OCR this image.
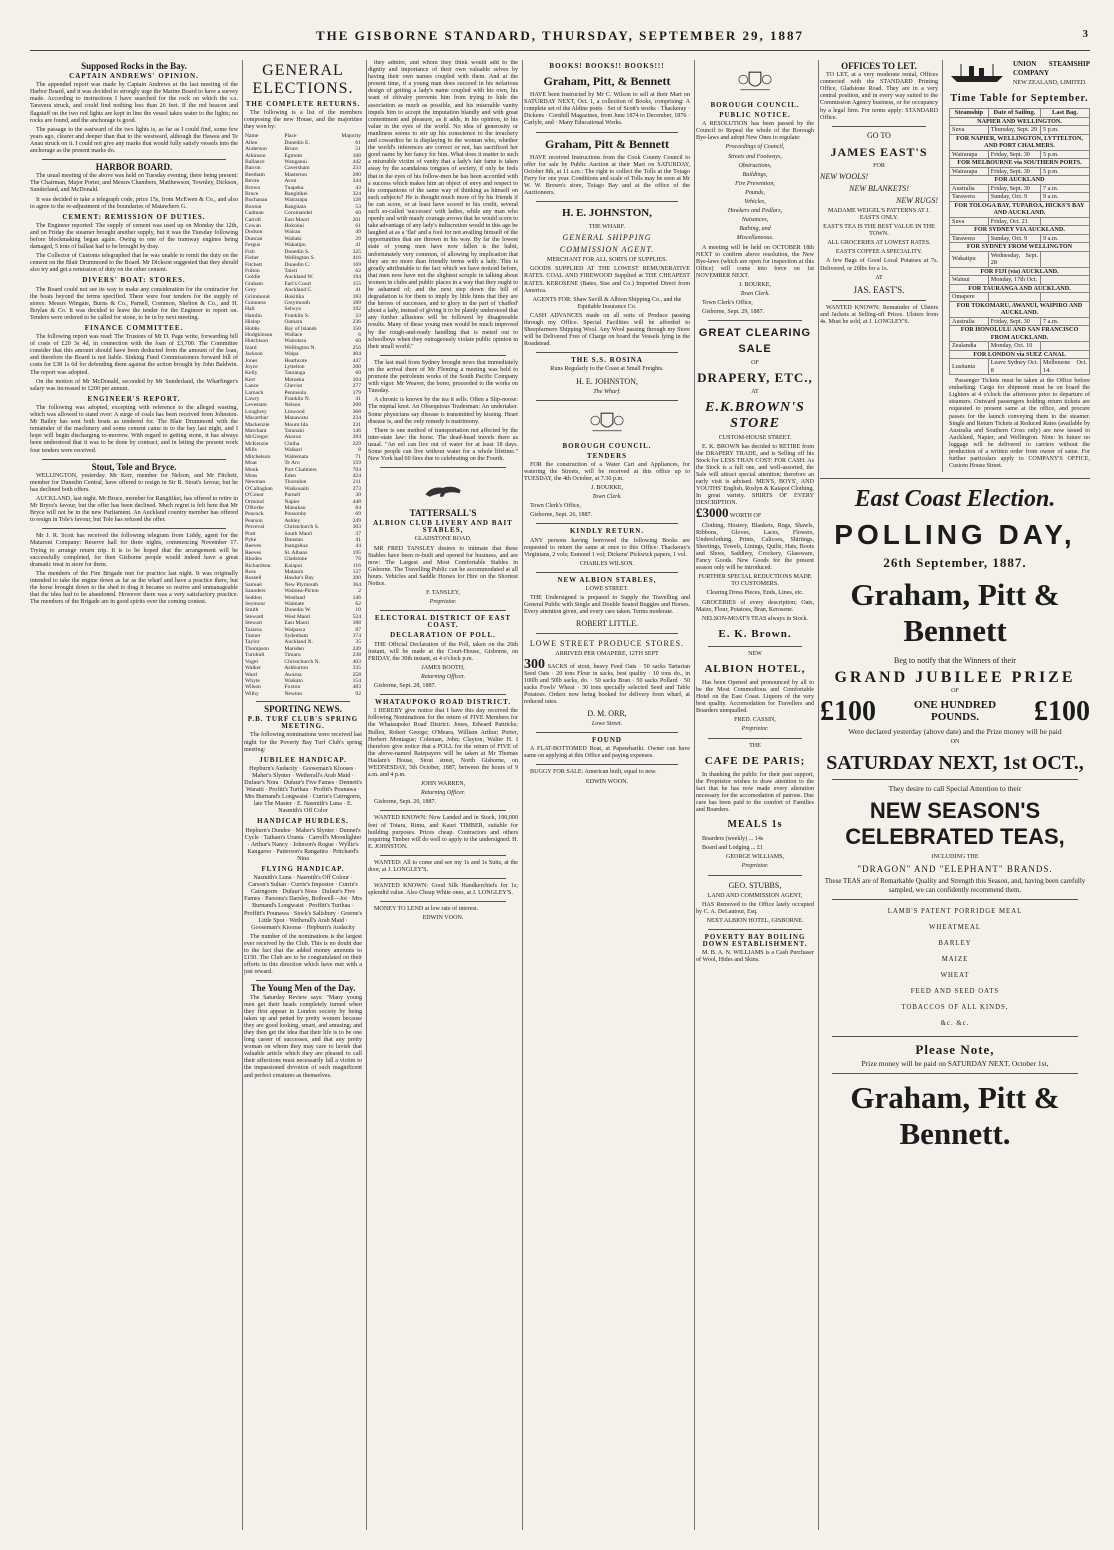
THE GISBORNE STANDARD, THURSDAY, SEPTEMBER 29, 1887	3
Supposed Rocks in the Bay.
CAPTAIN ANDREWS' OPINION.

The appended report was made by Captain Andrews at the last meeting of the Harbor Board, and it was decided to strongly urge the Marine Board to have a survey made. According to instructions I have searched for the rock on which the s.s. Taravera struck, and could find nothing less than 26 feet. If the red beacon and flagstaff on the two red lights are kept in line the vessel takes water to the lights; no rocks are found, and the anchorage is good.

The passage to the eastward of the two lights is, as far as I could find, some few years ago, clearer and deeper than that to the westward, although the Hawea and Te Anau struck on it. I could not give any marks that would fully satisfy vessels into the anchorage as the present marks do.

HARBOR BOARD.

The usual meeting of the above was held on Tuesday evening, there being present: The Chairman, Major Porter, and Messrs Chambers, Matthewson, Townley, Dickson, Sunderland, and McDonald.

It was decided to take a telegraph code, price 15s, from McEwen & Co., and also to agree to the re-adjustment of the boundaries of Matawhero G.

CEMENT: REMISSION OF DUTIES.

The Engineer reported: The supply of cement was used up on Monday the 12th, and on Friday the steamer brought another supply, but it was the Tuesday following before blockmaking began again. Owing to one of the tramway engines being damaged, 5 tons of ballast had to be brought by dray.

The Collector of Customs telegraphed that he was unable to remit the duty on the cement on the Blair Drummond to the Board. Mr Dickson suggested that they should also try and get a remission of duty on the other cement.

DIVERS' BOAT: STORES.

The Board could not see its way to make any consideration for the contractor for the boats beyond the terms specified. There were four tenders for the supply of stores: Messrs Wingate, Burns & Co., Parnell, Common, Shelton & Co., and H. Boylan & Co. It was decided to leave the tender for the Engineer to report on. Tenders were ordered to be called for stone, to be in by next meeting.

FINANCE COMMITTEE.

The following report was read: The Trustees of Mr D. Page write, forwarding bill of costs of £20 3s 4d, in connection with the loan of £3,700. The Committee consider that this amount should have been deducted from the amount of the loan, and therefore the Board is not liable. Sinking Fund Commissioners forward bill of costs for £38 1s 6d for defending them against the action brought by John Baldwin. The report was adopted.

On the motion of Mr McDonald, seconded by Mr Sunderland, the Wharfinger's salary was increased to £200 per annum.

ENGINEER'S REPORT.

The following was adopted, excepting with reference to the alleged wasting, which was allowed to stand over: A surge of coals has been received from Johnston. Mr Bailey has sent both boats as tendered for. The Blair Drummond with the remainder of the machinery and some cement came in to the bay last night, and I hope will begin discharging to-morrow. With regard to getting stone, it has always been understood that it was to be done by contract, and in letting the present work four tenders were received.

Stout, Tole and Bryce.

WELLINGTON, yesterday. Mr Kerr, member for Nelson, and Mr Fitchett, member for Dunedin Central, have offered to resign in Sir R. Stout's favour, but he has declined both offers.

AUCKLAND, last night. Mr Bruce, member for Rangitikei, has offered to retire in Mr Bryce's favour, but the offer has been declined. Much regret is felt here that Mr Bryce will not be in the new Parliament. An Auckland country member has offered to resign in Tole's favour, but Tole has refused the offer.

Mr J. R. Scott has received the following telegram from Liddy, agent for the Mataroni Company: Reserve hall for three nights, commencing November 17. Trying to arrange return trip. It is to be hoped that the arrangement will be successfully completed, for then Gisborne people would indeed have a great dramatic treat in store for them.

The members of the Fire Brigade met for practice last night. It was originally intended to take the engine down as far as the wharf and have a practice there, but the horse brought down to the shed to drag it became so restive and unmanageable that the idea had to be abandoned. However there was a very satisfactory practice. The members of the Brigade are in good spirits over the coming contest.

GENERAL ELECTIONS.
THE COMPLETE RETURNS.

The following is a list of the members composing the new House, and the majorities they won by:

Name	Place	Majority
Allen	Dunedin E.	61
Anderson	Bruce	51
Atkinson	Egmont	108
Ballance	Wanganui	442
Barron	Caversham	233
Beetham	Masterton	280
Bevan	Avon	344
Brown	Tuapeka	43
Bruce	Rangitikei	324
Buchanan	Wairarapa	128
Buxton	Rangitata	53
Cadman	Coromandel	60
Carroll	East Maori	201
Cowan	Hokonui	61
Dodson	Wairau	49
Duncan	Waitaki	29
Fergus	Wakatipu	41
Fish	Dunedin S.	325
Fisher	Wellington S.	416
Fitchett	Dunedin C.	169
Fulton	Taieri	62
Goldie	Auckland W.	194
Graham	Earl's Court	155
Grey	Auckland C.	41
Grimmond	Hokitika	183
Guinness	Greymouth	189
Hall	Selwyn	192
Hamlin	Franklin S.	23
Hislop	Oamaru	236
Hobbs	Bay of Islands	150
Hodgkinson	Wallace	6
Hutchison	Waitotara	60
Izard	Wellington N.	256
Jackson	Waipa	404
Jones	Heathcote	447
Joyce	Lyttelton	200
Kelly	Tauranga	60
Kerr	Motueka	104
Lance	Cheviot	277
Larnach	Peninsula	179
Lawry	Franklin N.	41
Levestam	Nelson	208
Loughrey	Linwood	368
Macarthur	Manawatu	234
Mackenzie	Mount Ida	231
Marchant	Taranaki	146
McGregor	Akaroa	284
McKenzie	Clutha	229
Mills	Waikari	8
Mitchelson	Waitemata	71
Moat	Te Aro	159
Monk	Port Chalmers	704
Moss	Eden	424
Newman	Thorndon	211
O'Callaghan	Waikouaiti	273
O'Conor	Parnell	30
Ormond	Napier	448
O'Rorke	Manukau	84
Peacock	Ponsonby	69
Pearson	Ashley	249
Perceval	Christchurch S.	303
Pratt	South Maori	37
Pyke	Dunstan	41
Reeves	Inangahua	44
Reeves	St. Albans	195
Rhodes	Gladstone	76
Richardson	Kaiapoi	116
Ross	Mataura	127
Russell	Hawke's Bay	390
Samuel	New Plymouth	364
Saunders	Waimea-Picton	2
Seddon	Westland	146
Seymour	Waimate	62
Smith	Dunedin W.	10
Steward	West Maori	524
Stewart	East Maori	188
Taiaroa	Waipawa	87
Tanner	Sydenham	374
Taylor	Auckland N.	35
Thompson	Marsden	249
Turnbull	Timaru	238
Vogel	Christchurch N.	403
Walker	Ashburton	335
Ward	Awarua	258
Whyte	Waikato	154
Wilson	Foxton	483
Withy	Newton	92
SPORTING NEWS.
P.B. TURF CLUB'S SPRING MEETING.

The following nominations were received last night for the Poverty Bay Turf Club's spring meeting:

JUBILEE HANDICAP.

Hepburn's Audacity · Gooseman's Klooses · Maher's Slynter · Wetherall's Arab Maid · Dufaur's Nora · Dufaur's Five Fames · Dennett's Waraiti · Profitt's Turihau · Profitt's Pounawa · Mrs Burnand's Longwaist · Currie's Cairngorm, late The Master · E. Nasmith's Luna · E. Nasmith's Off Color

HANDICAP HURDLES.

Hepburn's Dundee · Maher's Slynter · Dunnet's Cycle · Tatham's Urania · Carroll's Moonlighter · Arthur's Nancy · Johnson's Rogue · Wyllie's Kangaroo · Patterson's Rangatira · Pritchard's Nina

FLYING HANDICAP.

Nasmith's Luna · Nasmith's Off Colour · Carson's Sultan · Currie's Impostor · Currie's Cairngorm · Dufaur's Nora · Dufaur's Five Fames · Parsons's Darnley, Bothwell—Jot · Mrs Burnand's Longwaist · Proffitt's Turihau · Proffitt's Pounawa · Stock's Salisbury · Greene's Little Spot · Wetherall's Arab Maid · Gooseman's Kiooras · Hepburn's Audacity

The number of the nominations is the largest ever received by the Club. This is no doubt due to the fact that the added money amounts to £150. The Club are to be congratulated on their efforts in this direction which have met with a just reward.

The Young Men of the Day.

The Saturday Review says: "Many young men get their heads completely turned when they first appear in London society by being taken up and petted by pretty women because they are good looking, smart, and amusing; and they then get the idea that their life is to be one long career of successes, and that any pretty woman on whom they may care to lavish that valuable article which they are pleased to call their affections must necessarily fall a victim to the impassioned devotion of such magnificent and perfect creatures as themselves.

they admire, and whom they think would add to the dignity and importance of their own valuable selves by having their own names coupled with them. And at the present time, if a young man does succeed in his nefarious design of getting a lady's name coupled with his own, his want of chivalry prevents him from trying to hide the association as much as possible, and his miserable vanity impels him to accept the imputation blandly and with great contentment and pleasure, as it adds, in his opinion, to his value in the eyes of the world. No idea of generosity or manliness seems to stir up his conscience to the treachery and cowardice he is displaying to the woman who, whether the world's inferences are correct or not, has sacrificed her good name by her fancy for him. What does it matter to such a miserable victim of vanity that a lady's fair fame is taken away by the scandalous tongues of society, if only he feels that in the eyes of his follow-men he has been accorded with a success which makes him an object of envy and respect to his companions of the same way of thinking as himself on such subjects? He is thought much more of by his friends if he can score, or at least have scored to his credit, several such so-called 'successes' with ladies, while any man who openly and with manly courage avows that he would scorn to take advantage of any lady's indiscretion would in this age be laughed at as a 'flat' and a fool for not availing himself of the opportunities that are thrown in his way. By far the lowest state of young men have now fallen is the habit, unfortunately very common, of allowing by implication that they are no more than friendly terms with a lady. This is greatly attributable to the fact which we have noticed before, that men now have not the slightest scruple in talking about women in clubs and public places in a way that they ought to be ashamed of; and the next step down the hill of degradation is for them to imply by little hints that they are the heroes of successes, and to glory in the part of 'chaffed' about a lady, instead of giving it to be plainly understood that any further allusions will be followed by disagreeable results. Many of these young men would be much improved by the rough-and-ready handling that is meted out to schoolboys when they outrageously violate public opinion in their small world."

The last mail from Sydney brought news that immediately on the arrival there of Mr Fleming a meeting was held to promote the petroleum works of the South Pacific Company with vigor. Mr Weaver, the borer, proceeded to the works on Tuesday.

A chronic is known by the tea it sells. Often a Slip-noose: The nuptial knot. An Obsequious Tradesman: An undertaker. Some physicians say disease is transmitted by kissing. Heart disease is, and the only remedy is matrimony.

There is one method of transportation not affected by the inter-state law: the horse. The dead-head travels there as usual. "An eel can live out of water for at least 18 days. Some people can live without water for a whole lifetime." New York had 60 fires due to celebrating on the Fourth.

TATTERSALL'S
ALBION CLUB LIVERY AND BAIT STABLES,

GLADSTONE ROAD.

MR FRED TANSLEY desires to intimate that these Stables have been re-built and opened for business, and are now: The Largest and Most Comfortable Stables in Gisborne. The Travelling Public can be accommodated at all hours. Vehicles and Saddle Horses for Hire on the Shortest Notice.

F. TANSLEY,

Proprietor.

ELECTORAL DISTRICT OF EAST COAST.
DECLARATION OF POLL.

THE Official Declaration of the Poll, taken on the 26th instant, will be made at the Court-House, Gisborne, on FRIDAY, the 30th instant, at 4 o'clock p.m.

JAMES BOOTH,

Returning Officer.

Gisborne, Sept. 28, 1887.

WHATAUPOKO ROAD DISTRICT.

I HEREBY give notice that I have this day received the following Nominations for the return of FIVE Members for the Whataupoko Road District: Jones, Edward Pattricks; Bullen, Robert George; O'Meara, William Arthur; Porter, Herbert Montague; Coleman, John; Clayton, Walter H. I therefore give notice that a POLL for the return of FIVE of the above-named Ratepayers will be taken at Mr Thomas Haslam's House, Stout street, North Gisborne, on WEDNESDAY, 5th October, 1887, between the hours of 9 a.m. and 4 p.m.

JOHN WARREN,

Returning Officer.

Gisborne, Sept. 20, 1887.

WANTED KNOWN: Now Landed and in Stock, 100,000 feet of Totara, Rimu, and Kauri TIMBER, suitable for building purposes. Prices cheap. Contractors and others requiring Timber will do well to apply to the undersigned. H. E. JOHNSTON.

WANTED: All to come and see my 1s and 1s Suits, at the door, at J. LONGLEY'S.

WANTED KNOWN: Good Silk Handkerchiefs for 1s; splendid value. Also Cheap White ones, at J. LONGLEY'S.

MONEY TO LEND at low rate of interest.

EDWIN VOON.

BOOKS! BOOKS!! BOOKS!!!
Graham, Pitt, & Bennett

HAVE been Instructed by Mr C. Wilson to sell at their Mart on SATURDAY NEXT, Oct. 1, a collection of Books, comprising: A complete set of the Aldine poets · Set of Scott's works · Thackeray · Dickens · Cornhill Magazines, from June 1874 to December, 1876 · Carlyle, and · Many Educational Works.

Graham, Pitt & Bennett

HAVE received Instructions from the Cook County Council to offer for sale by Public Auction at their Mart on SATURDAY, October 8th, at 11 a.m.: The right to collect the Tolls at the Toiago Ferry for one year. Conditions and scale of Tolls may be seen at Mr W. W. Brown's store, Toiago Bay and at the office of the Auctioneers.

H. E. JOHNSTON,

THE WHARF.

GENERAL SHIPPING

COMMISSION AGENT.

MERCHANT FOR ALL SORTS OF SUPPLIES.

GOODS SUPPLIED AT THE LOWEST REMUNERATIVE RATES. COAL AND FIREWOOD Supplied at THE CHEAPEST RATES. KEROSENE (Bates, Sise and Co.) Imported Direct from America.

AGENTS FOR: Shaw Savill & Albion Shipping Co., and the Equitable Insurance Co.

CASH ADVANCES made on all sorts of Produce passing through my Office. Special Facilities will be afforded to Sheepfarmers Shipping Wool. Any Wool passing through my Store will be Delivered Free of Charge on board the Vessels lying in the Roadstead.

THE S.S. ROSINA

Runs Regularly to the Coast at Small Freights.

H. E. JOHNSTON,

The Wharf.

BOROUGH COUNCIL.
TENDERS

FOR the construction of a Water Cart and Appliances, for watering the Streets, will be received at this office up to TUESDAY, the 4th October, at 7.30 p.m.

J. BOURKE,

Town Clerk.

Town Clerk's Office,

Gisborne, Sept. 26, 1887.

KINDLY RETURN.

ANY persons having borrowed the following Books are requested to return the same at once to this Office: Thackeray's Virginians, 2 vols; Esmond 1 vol; Dickens' Pickwick papers, 1 vol.

CHARLES WILSON.

NEW ALBION STABLES,

LOWE STREET.

THE Undersigned is prepared to Supply the Travelling and General Public with Single and Double Seated Buggies and Horses. Every attention given, and every care taken. Terms moderate.

ROBERT LITTLE.

LOWE STREET PRODUCE STORES.

ARRIVED PER OMAPERE, 12TH SEPT

300 SACKS of stout, heavy Feed Oats · 50 sacks Tartarian Seed Oats · 20 tons Flour in sacks, best quality · 10 tons do., in 100lb and 50lb sacks, do. · 50 sacks Bran · 50 sacks Pollard · 50 sacks Fowls' Wheat · 30 tons specially selected Seed and Table Potatoes. Orders now being booked for delivery from wharf, at reduced rates.

D. M. ORR,

Lowe Street.

FOUND

A FLAT-BOTTOMED Boat, at Papawhariki. Owner can have same on applying at this Office and paying expenses.

BUGGY FOR SALE: American built, equal to new.

EDWIN WOON.

BOROUGH COUNCIL.
PUBLIC NOTICE.

A RESOLUTION has been passed by the Council to Repeal the whole of the Borough Bye-laws and adopt New Ones to regulate:

Proceedings of Council,

Streets and Footways,

Obstructions,

Buildings,

Fire Prevention,

Pounds,

Vehicles,

Hawkers and Pedlars,

Nuisances,

Bathing, and

Miscellaneous.

A meeting will be held on OCTOBER 18th NEXT to confirm above resolution, the New Bye-laws (which are open for inspection at this Office) will come into force on 1st NOVEMBER NEXT.

J. BOURKE,

Town Clerk.

Town Clerk's Office,

Gisborne, Sept. 29, 1887.

GREAT CLEARING SALE

OF

DRAPERY, ETC.,

AT

E.K.BROWN'S STORE

CUSTOM-HOUSE STREET.

E. K. BROWN has decided to RETIRE from the DRAPERY TRADE, and is Selling off his Stock for LESS THAN COST: FOR CASH. As the Stock is a full one, and well-assorted, the Sale will attract special attention; therefore an early visit is advised. MEN'S, BOYS', AND YOUTHS' English, Roslyn & Kaiapoi Clothing, In great variety. SHIRTS OF EVERY DESCRIPTION.

£3000 WORTH OF

Clothing, Hosiery, Blankets, Rugs, Shawls, Ribbons, Gloves, Laces, Flowers, Underclothing, Prints, Calicoes, Shirtings, Sheetings, Towels, Linings, Quilts, Hats, Boots and Shoes, Saddlery, Crockery, Glassware, Fancy Goods. New Goods for the present season only will be introduced.

FURTHER SPECIAL REDUCTIONS MADE TO CUSTOMERS.

Clearing Dress Pieces, Ends, Lines, etc.

GROCERIES of every description; Oats, Maize, Flour, Potatoes, Bran, Kerosene.

NELSON-MOAT'S TEAS always in Stock.

E. K. Brown.

NEW

ALBION HOTEL,

Has been Opened and pronounced by all to be the Most Commodious and Comfortable Hotel on the East Coast. Liquors of the very best quality. Accomodation for Travellers and Boarders unequalled.

FRED. CASSIN,

Proprietor.

THE

CAFE DE PARIS;

In thanking the public for their past support, the Proprietor wishes to draw attention to the fact that he has now made every alteration necessary for the accomodation of patrons. Due care has been paid to the comfort of Families and Boarders.

MEALS 1s

Boarders (weekly) ... 14s

Board and Lodging ... £1

GEORGE WILLIAMS,

Proprietor.

GEO. STUBBS,

LAND AND COMMISSION AGENT,

HAS Removed to the Office lately occupied by C. A. DeLautour, Esq.

NEXT ALBION HOTEL, GISBORNE.

POVERTY BAY BOILING DOWN ESTABLISHMENT.

M. B. A. N. WILLIAMS is a Cash Purchaser of Wool, Hides and Skins.

OFFICES TO LET.

TO LET, at a very moderate rental, Offices connected with the STANDARD Printing Office, Gladstone Road. They are in a very central position, and in every way suited to the Commission Agency business, or for occupancy by a legal firm. For terms apply: STANDARD Office.

GO TO

JAMES EAST'S

FOR

NEW WOOLS!

NEW BLANKETS!

NEW RUGS!

MADAME WEIGEL'S PATTERNS AT J. EAST'S ONLY.

EAST'S TEA IS THE BEST VALUE IN THE TOWN.

ALL GROCERIES AT LOWEST RATES.

EAST'S COFFEE A SPECIALITY.

A few Bags of Good Local Potatoes at 7s. Delivered, or 20lbs for a 1s.

AT

JAS. EAST'S.

WANTED KNOWN: Remainder of Ulsters and Jackets at Selling-off Prices. Ulsters from 4s. Must be sold, at J. LONGLEY'S.

UNION STEAMSHIP COMPANY

NEW ZEALAND, LIMITED.

Time Table for September.
Steamship	Date of Sailing.	Last Bag.
NAPIER AND WELLINGTON.		
Suva	Thursday, Sept. 29	5 p.m.
FOR NAPIER, WELLINGTON, LYTTELTON, AND PORT CHALMERS.		
Wairarapa	Friday, Sept. 30	5 p.m.
FOR MELBOURNE via SOUTHERN PORTS.		
Wairarapa	Friday, Sept. 30	5 p.m.
FOR AUCKLAND		
Australia	Friday, Sept. 30	7 a.m.
Tarawera	Sunday, Oct. 9	9 a.m.
FOR TOLOGA BAY, TUPAROA, HICKS'S BAY AND AUCKLAND.		
Suva	Friday, Oct. 21	
FOR SYDNEY VIA AUCKLAND.		
Tarawera	Sunday, Oct. 9	9 a.m.
FOR SYDNEY FROM WELLINGTON		
Wakatipu	Wednesday, Sept. 28	
FOR FIJI (via) AUCKLAND.		
Wainui	Monday, 17th Oct.	
FOR TAURANGA AND AUCKLAND.		
Omapere		
FOR TOKOMARU, AWANUI, WAIPIRO AND AUCKLAND.		
Australia	Friday, Sept. 30	7 a.m.
FOR HONOLULU AND SAN FRANCISCO FROM AUCKLAND.		
Zealandia	Monday, Oct. 10	
FOR LONDON via SUEZ CANAL		
Lusitania	Leave Sydney Oct. 8	Melbourne Oct. 14.

Passenger Tickets must be taken at the Office before embarking. Cargo for shipment must be on board the Lighters at 4 o'clock the afternoon prior to departure of steamers. Outward passengers holding return tickets are requested to present same at the office, and procure passes for the launch conveying them to the steamer. Single and Return Tickets at Reduced Rates (available by Australia and Southern Cross only) are now issued to Auckland, Napier, and Wellington. Note: In future no luggage will be delivered to carriers without the production of a written order from owner of same. For further particulars apply to COMPANY'S OFFICE, Custom House Street.

East Coast Election.
POLLING DAY,
26th September, 1887.
Graham, Pitt & Bennett

Beg to notify that the Winners of their

GRAND JUBILEE PRIZE

OF

£100	ONE HUNDRED POUNDS.	£100

Were declared yesterday (above date) and the Prize money will be paid

ON

SATURDAY NEXT, 1st OCT.,

They desire to call Special Attention to their

NEW SEASON'S CELEBRATED TEAS,

INCLUDING THE

"DRAGON" AND "ELEPHANT" BRANDS.

These TEAS are of Remarkable Quality and Strength this Season, and, having been carefully sampled, we can confidently recommend them.

LAMB'S PATENT PORRIDGE MEAL
WHEATMEAL
BARLEY
MAIZE
WHEAT
FEED AND SEED OATS
TOBACCOS OF ALL KINDS,
&c. &c.
Please Note,

Prize money will be paid on SATURDAY NEXT, October 1st,

Graham, Pitt & Bennett.
